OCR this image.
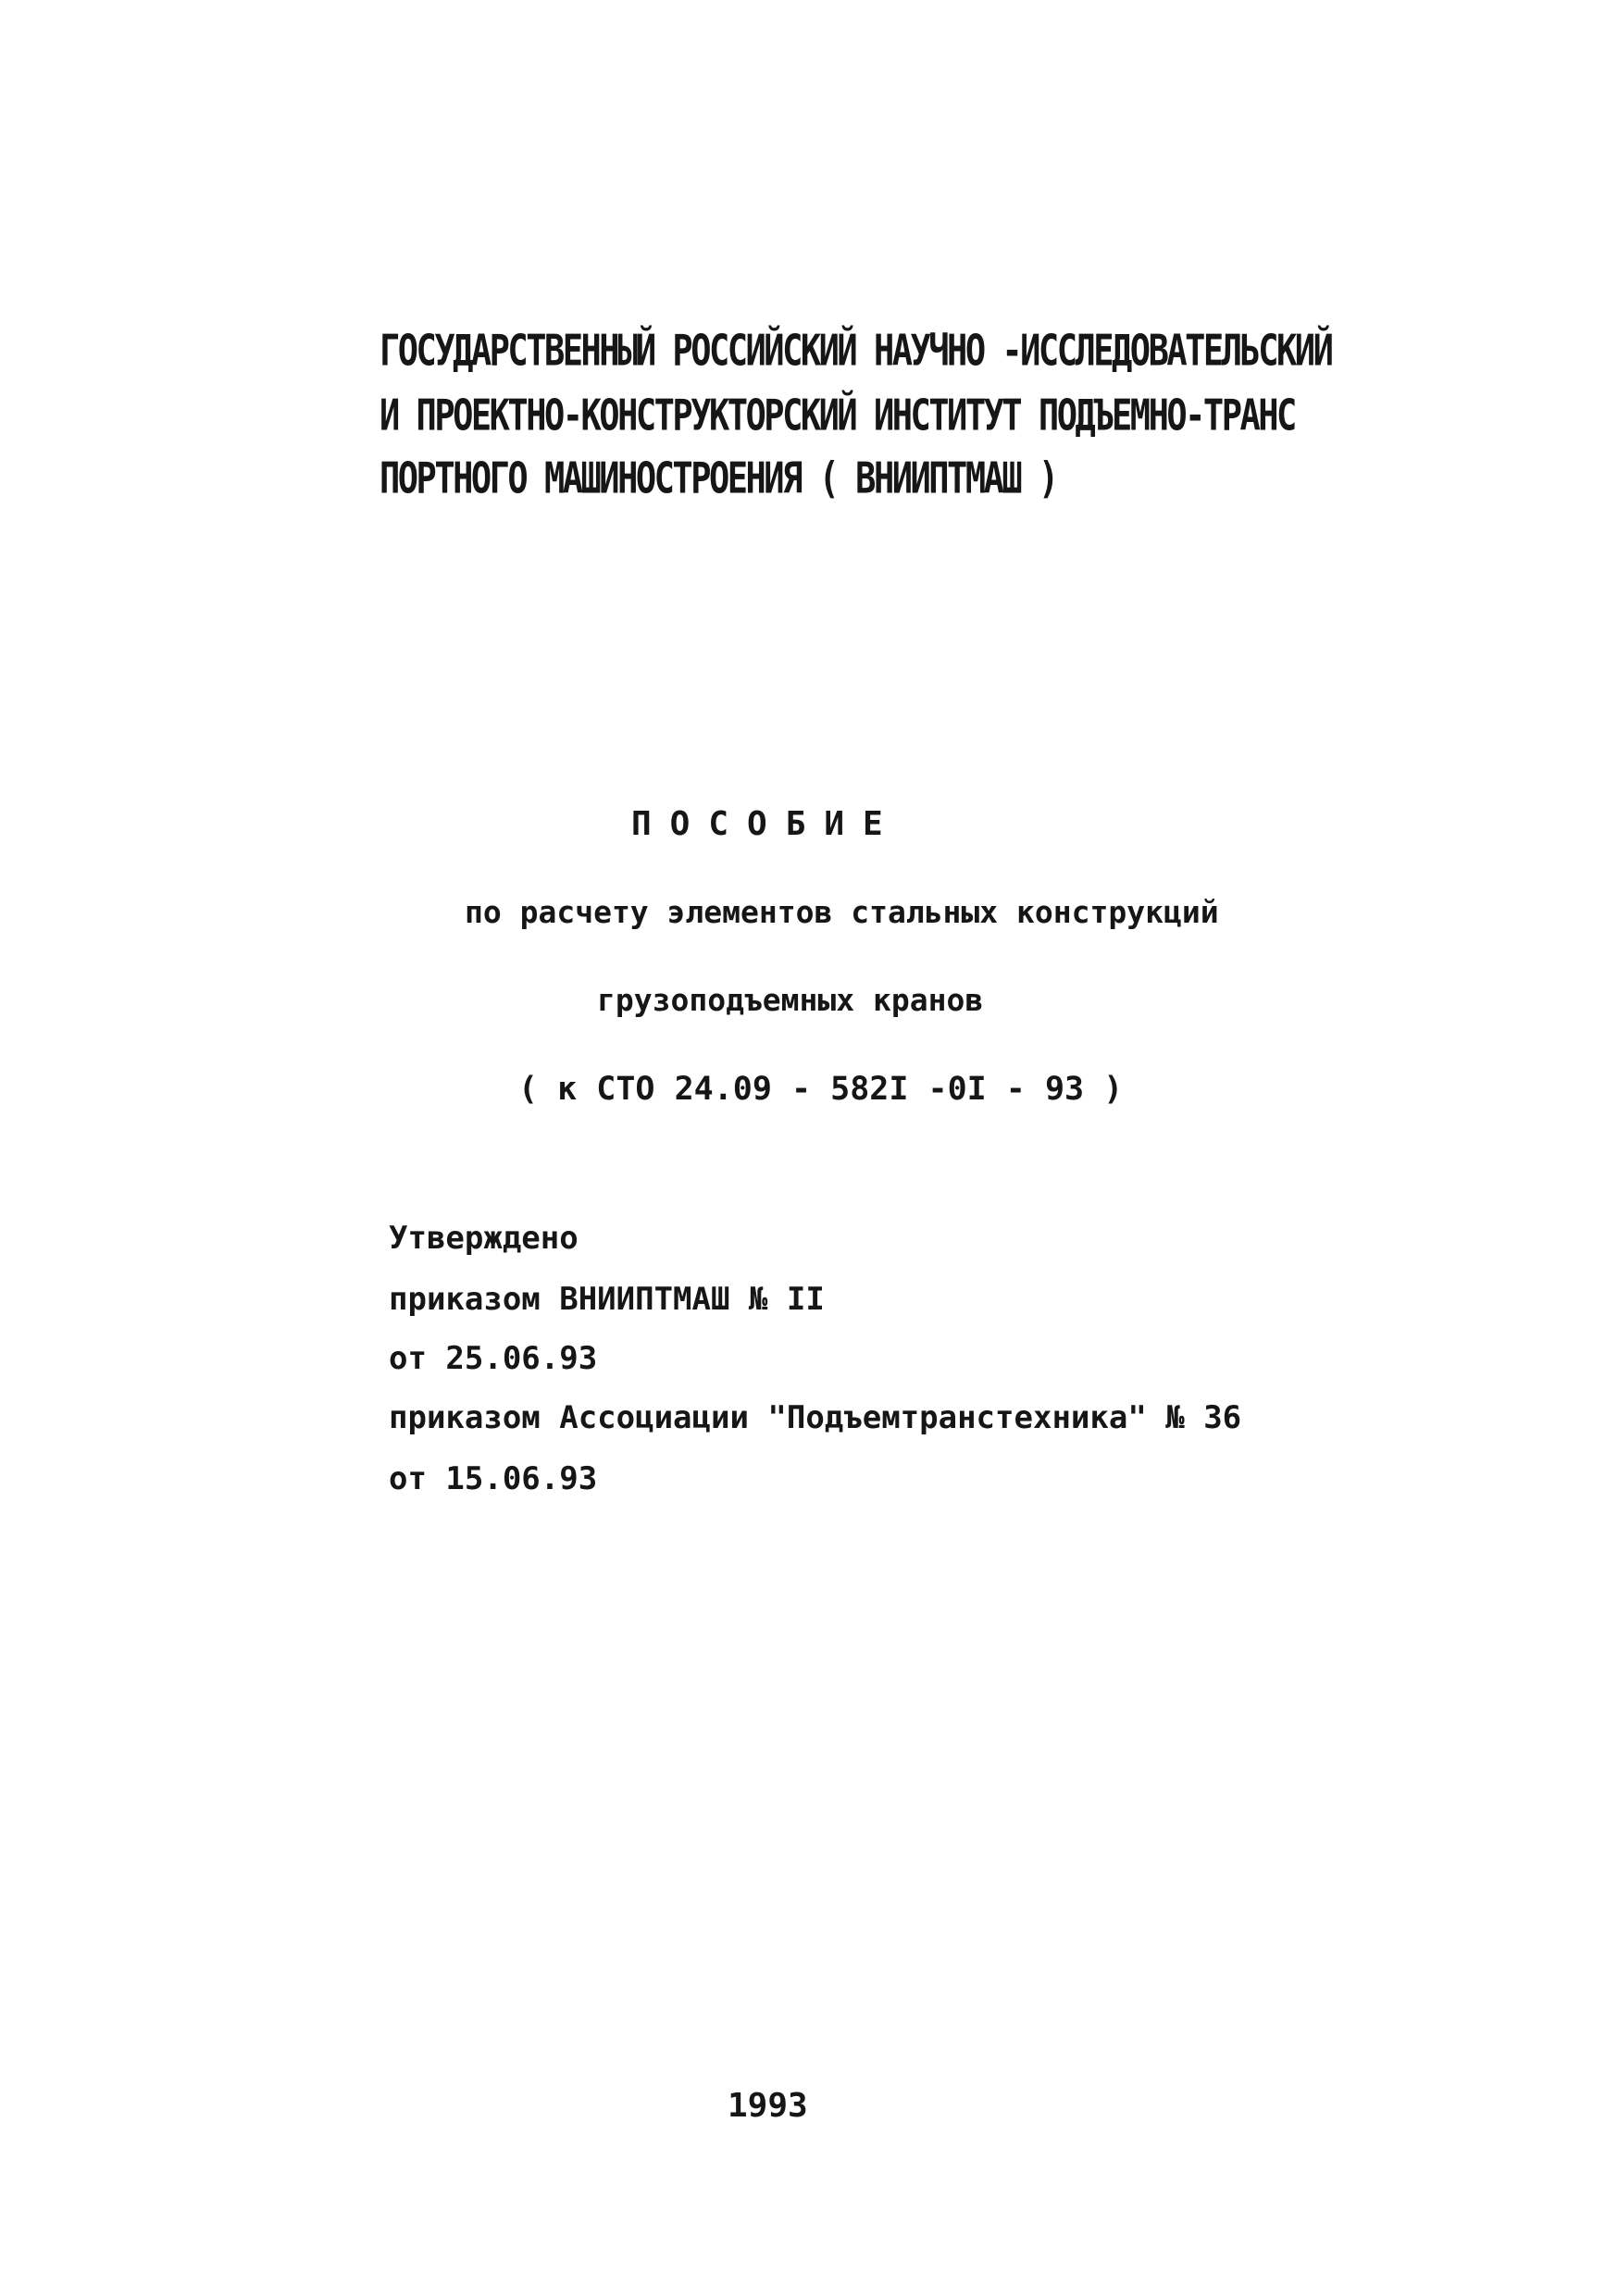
ГОСУДАРСТВЕННЫЙ РОССИЙСКИЙ НАУЧНО -ИССЛЕДОВАТЕЛЬСКИЙ
И ПРОЕКТНО-КОНСТРУКТОРСКИЙ ИНСТИТУТ ПОДЪЕМНО-ТРАНС
ПОРТНОГО МАШИНОСТРОЕНИЯ ( ВНИИПТМАШ )
ПОСОБИЕ
по расчету элементов стальных конструкций
грузоподъемных кранов
( к СТО 24.09 - 582I -0I - 93 )
Утверждено
приказом ВНИИПТМАШ № II
от 25.06.93
приказом Ассоциации "Подъемтранстехника" № 36
от 15.06.93
1993
